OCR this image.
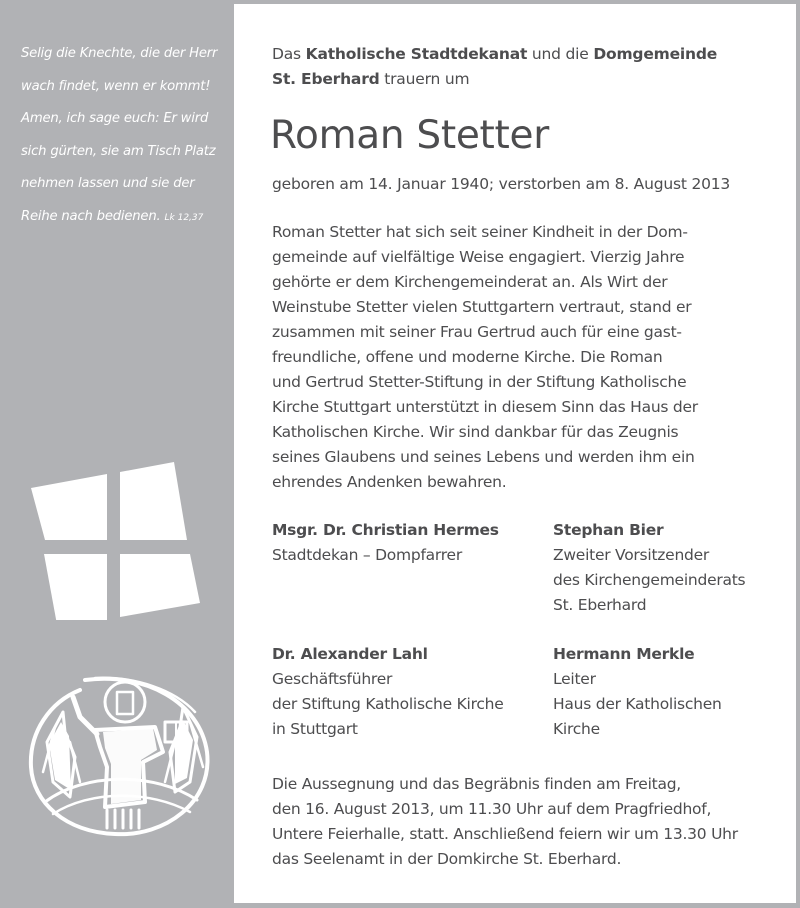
Selig die Knechte, die der Herr
wach findet, wenn er kommt!
Amen, ich sage euch: Er wird
sich gürten, sie am Tisch Platz
nehmen lassen und sie der
Reihe nach bedienen. Lk 12,37
Das Katholische Stadtdekanat und die Domgemeinde
St. Eberhard trauern um
Roman Stetter
geboren am 14. Januar 1940; verstorben am 8. August 2013
Roman Stetter hat sich seit seiner Kindheit in der Dom-
gemeinde auf vielfältige Weise engagiert. Vierzig Jahre
gehörte er dem Kirchengemeinderat an. Als Wirt der
Weinstube Stetter vielen Stuttgartern vertraut, stand er
zusammen mit seiner Frau Gertrud auch für eine gast-
freundliche, offene und moderne Kirche. Die Roman
und Gertrud Stetter-Stiftung in der Stiftung Katholische
Kirche Stuttgart unterstützt in diesem Sinn das Haus der
Katholischen Kirche. Wir sind dankbar für das Zeugnis
seines Glaubens und seines Lebens und werden ihm ein
ehrendes Andenken bewahren.
Msgr. Dr. Christian Hermes
Stadtdekan – Dompfarrer
Stephan Bier
Zweiter Vorsitzender
des Kirchengemeinderats
St. Eberhard
Dr. Alexander Lahl
Geschäftsführer
der Stiftung Katholische Kirche
in Stuttgart
Hermann Merkle
Leiter
Haus der Katholischen
Kirche
Die Aussegnung und das Begräbnis finden am Freitag,
den 16. August 2013, um 11.30 Uhr auf dem Pragfriedhof,
Untere Feierhalle, statt. Anschließend feiern wir um 13.30 Uhr
das Seelenamt in der Domkirche St. Eberhard.
